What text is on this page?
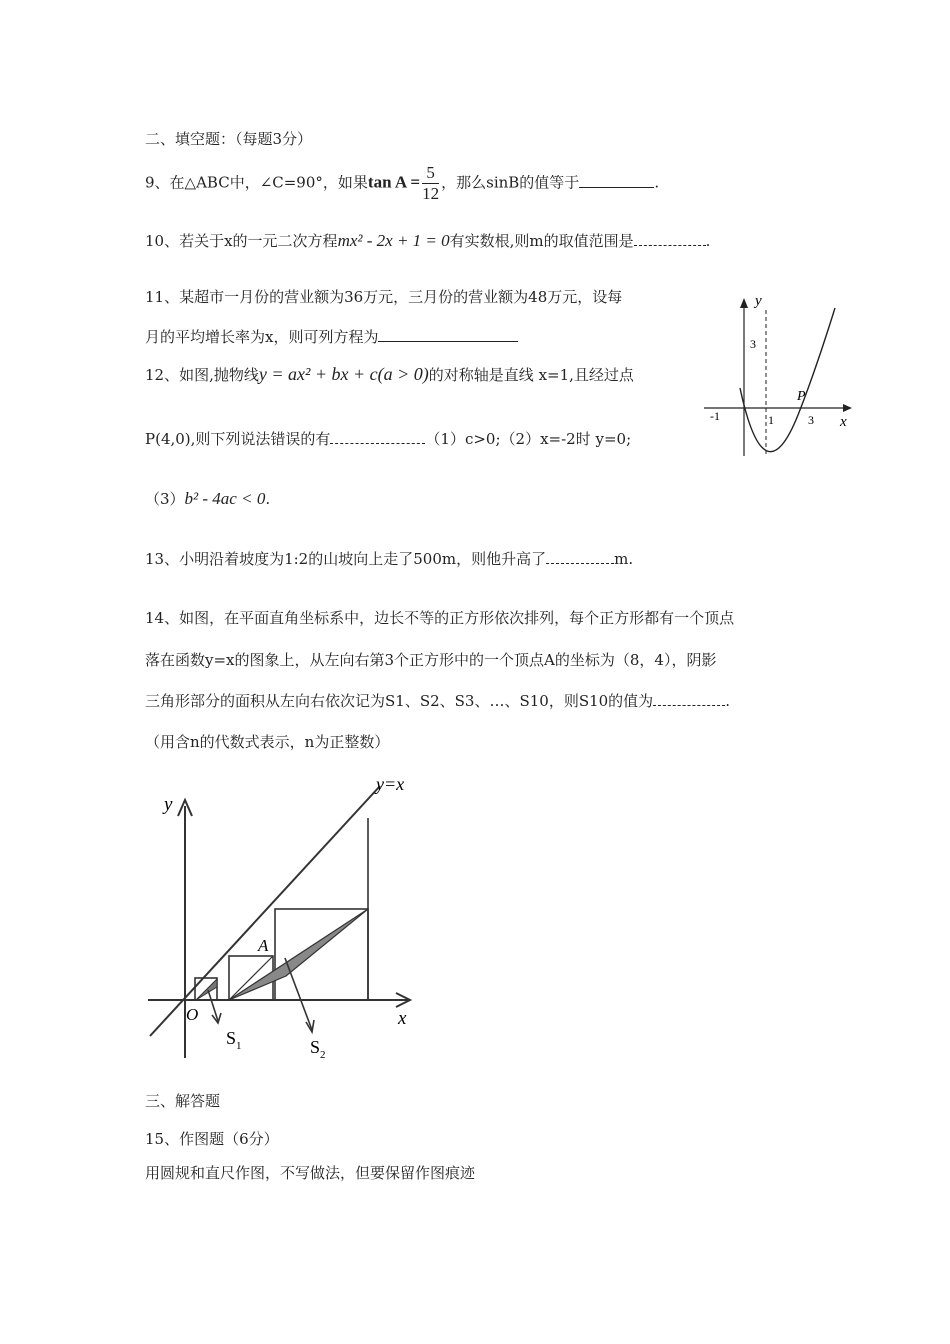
二、填空题：（每题3分）
9、在△ABC中，∠C=90°，如果$\tan A = \frac{5}{12}$ ，那么sinB的值等于	.
10、若关于x的一元二次方程mx² - 2x + 1 = 0有实数根,则m的取值范围是	.
11、某超市一月份的营业额为36万元，三月份的营业额为48万元，设每
月的平均增长率为x，则可列方程为
12、如图,抛物线y = ax² + bx + c(a > 0)的对称轴是直线 x=1,且经过点
P(4,0),则下列说法错误的有	（1）c>0;（2）x=-2时 y=0;
（3）b² - 4ac < 0.
y
x
3
-1	1	3
P
13、小明沿着坡度为1:2的山坡向上走了500m，则他升高了	m.
14、如图，在平面直角坐标系中，边长不等的正方形依次排列，每个正方形都有一个顶点
落在函数y=x的图象上，从左向右第3个正方形中的一个顶点A的坐标为（8，4），阴影
三角形部分的面积从左向右依次记为S1、S2、S3、…、S10，则S10的值为	.
（用含n的代数式表示，n为正整数）
y
x
y=x
O
A
$S_1$	$S_2$
三、解答题
15、作图题（6分）
用圆规和直尺作图，不写做法，但要保留作图痕迹
